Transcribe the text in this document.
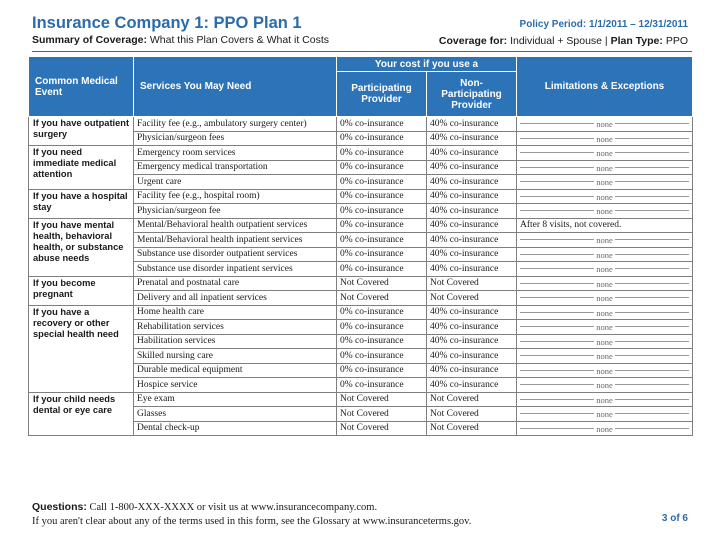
Insurance Company 1: PPO Plan 1
Summary of Coverage: What this Plan Covers & What it Costs
Policy Period: 1/1/2011 – 12/31/2011
Coverage for: Individual + Spouse | Plan Type: PPO
Common Medical Event	Services You May Need	Your cost if you use a		Limitations & Exceptions
		Participating Provider	Non-Participating Provider	
If you have outpatient surgery	Facility fee (e.g., ambulatory surgery center)	0% co-insurance	40% co-insurance	none
	Physician/surgeon fees	0% co-insurance	40% co-insurance	none
If you need immediate medical attention	Emergency room services	0% co-insurance	40% co-insurance	none
	Emergency medical transportation	0% co-insurance	40% co-insurance	none
	Urgent care	0% co-insurance	40% co-insurance	none
If you have a hospital stay	Facility fee (e.g., hospital room)	0% co-insurance	40% co-insurance	none
	Physician/surgeon fee	0% co-insurance	40% co-insurance	none
If you have mental health, behavioral health, or substance abuse needs	Mental/Behavioral health outpatient services	0% co-insurance	40% co-insurance	After 8 visits, not covered.
	Mental/Behavioral health inpatient services	0% co-insurance	40% co-insurance	none
	Substance use disorder outpatient services	0% co-insurance	40% co-insurance	none
	Substance use disorder inpatient services	0% co-insurance	40% co-insurance	none
If you become pregnant	Prenatal and postnatal care	Not Covered	Not Covered	none
	Delivery and all inpatient services	Not Covered	Not Covered	none
If you have a recovery or other special health need	Home health care	0% co-insurance	40% co-insurance	none
	Rehabilitation services	0% co-insurance	40% co-insurance	none
	Habilitation services	0% co-insurance	40% co-insurance	none
	Skilled nursing care	0% co-insurance	40% co-insurance	none
	Durable medical equipment	0% co-insurance	40% co-insurance	none
	Hospice service	0% co-insurance	40% co-insurance	none
If your child needs dental or eye care	Eye exam	Not Covered	Not Covered	none
	Glasses	Not Covered	Not Covered	none
	Dental check-up	Not Covered	Not Covered	none
Questions: Call 1-800-XXX-XXXX or visit us at www.insurancecompany.com.
If you aren't clear about any of the terms used in this form, see the Glossary at www.insuranceterms.gov.	3 of 6
